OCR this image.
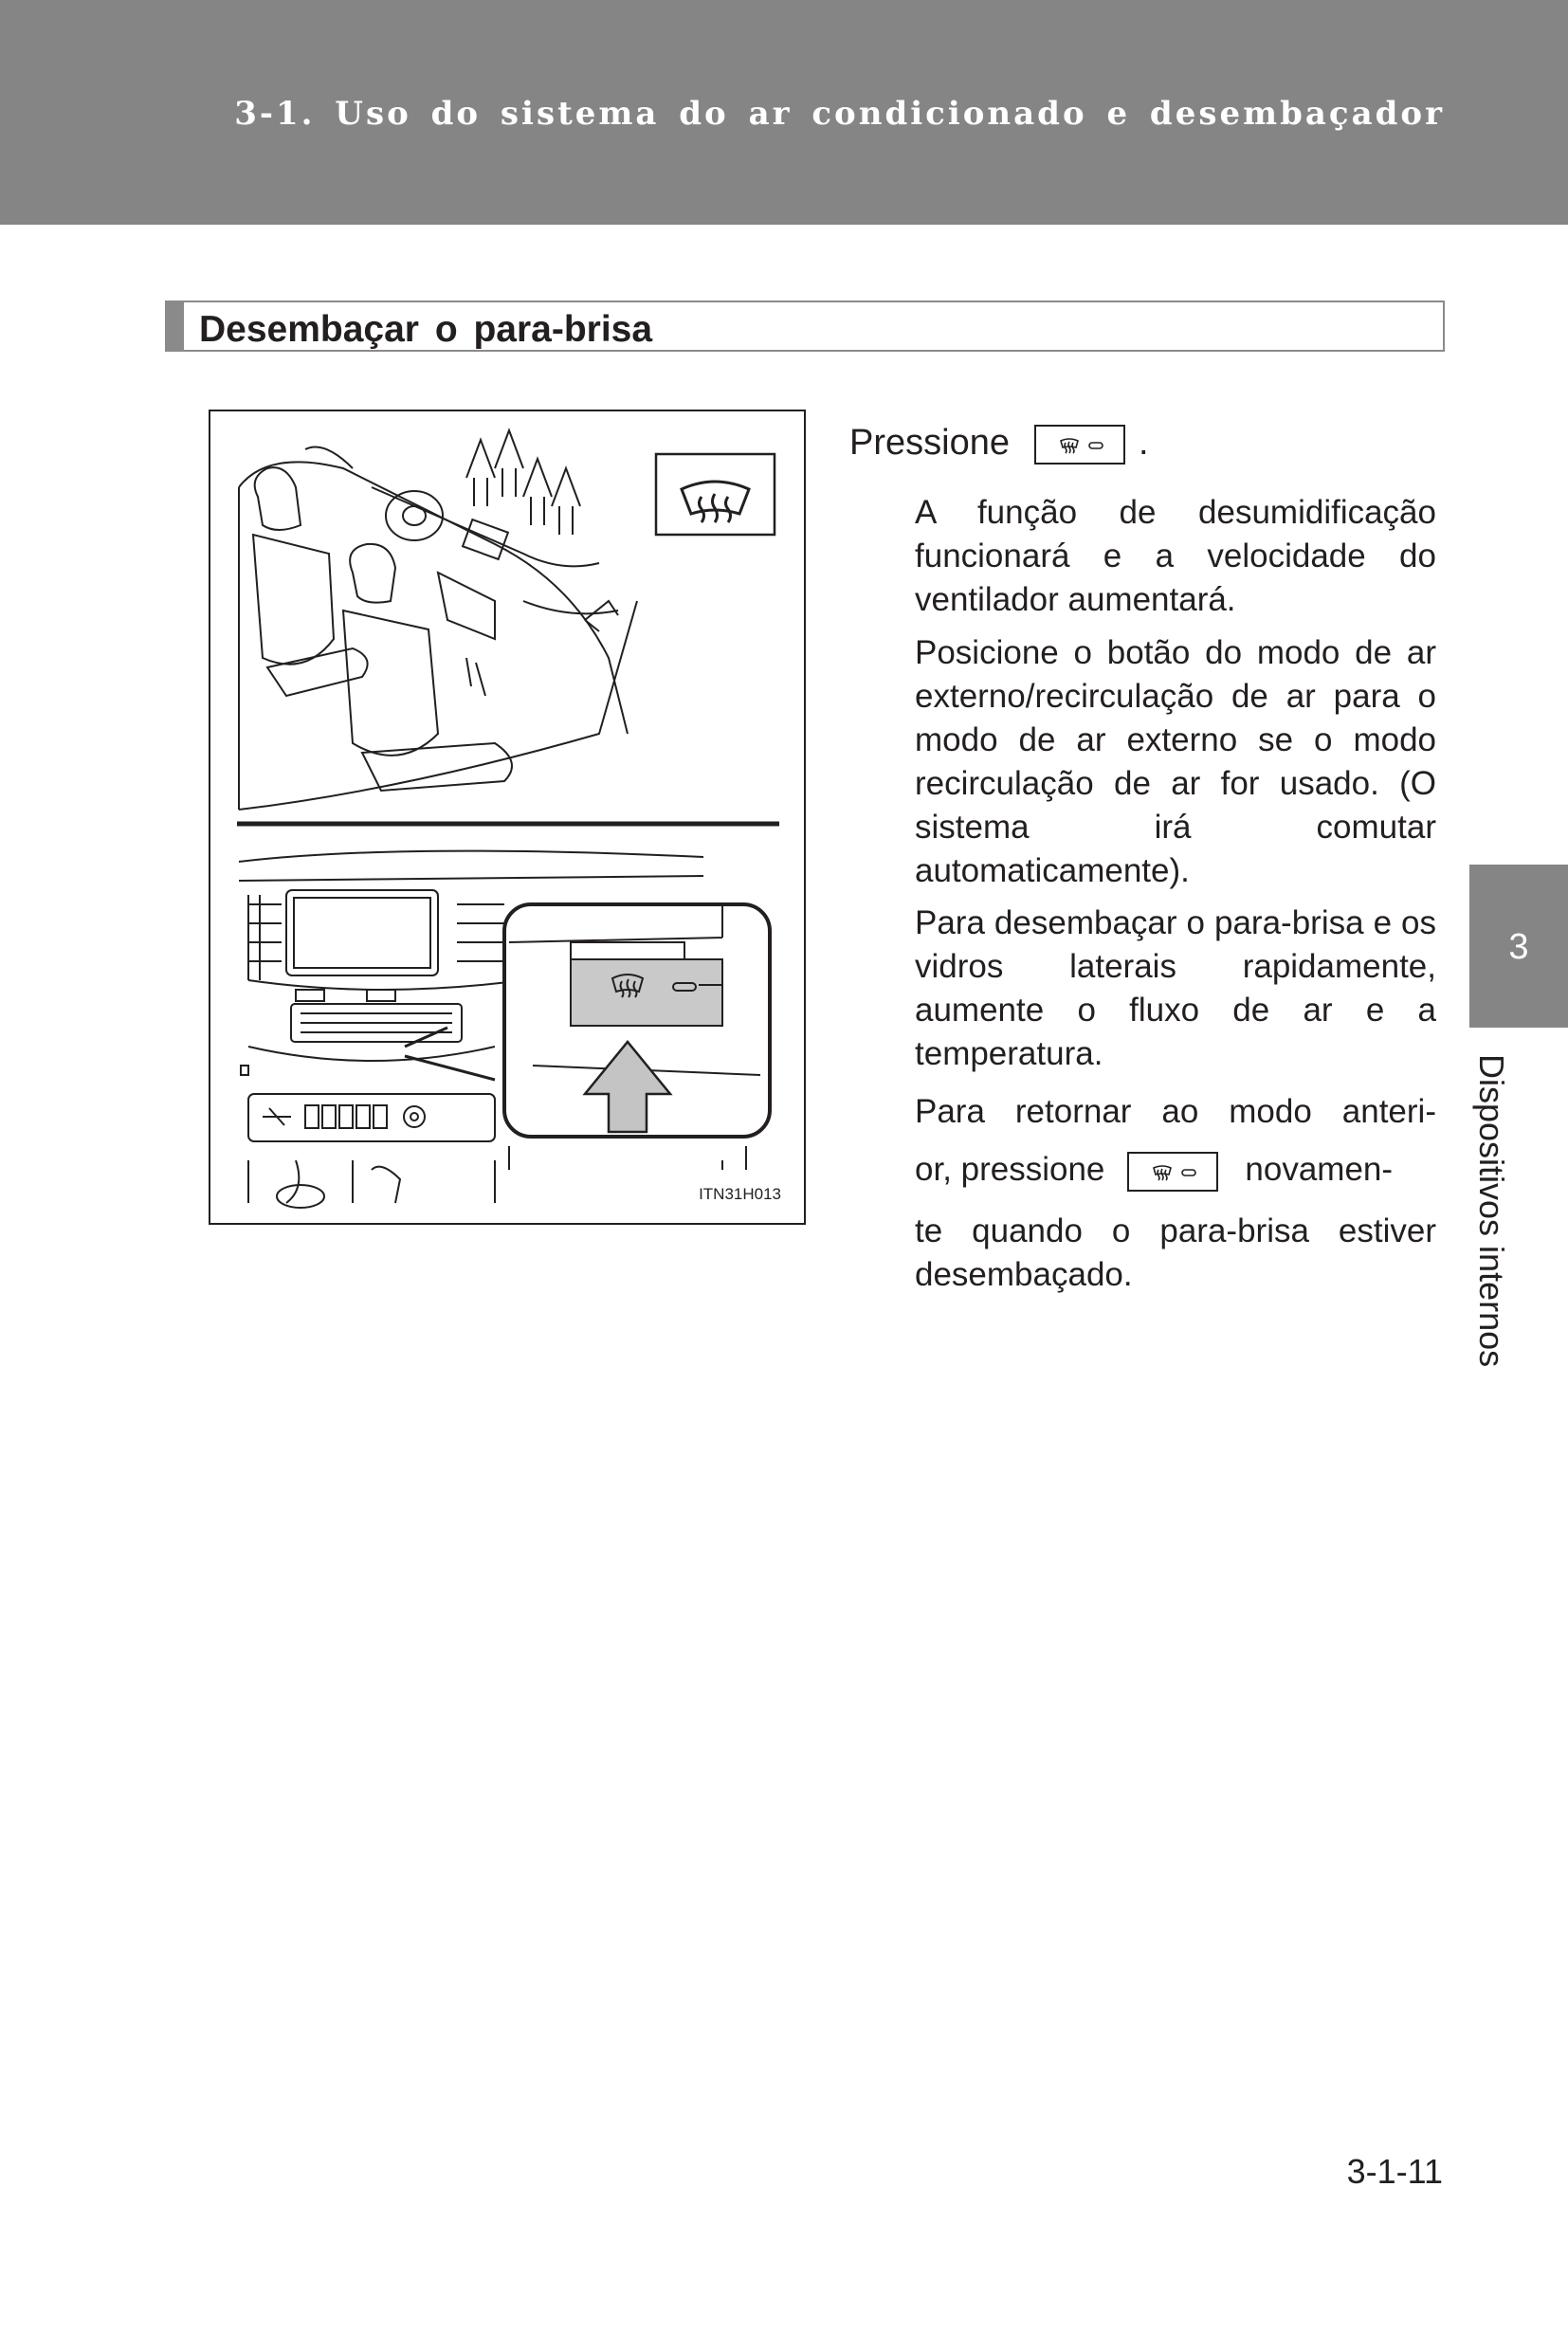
3-1. Uso do sistema do ar condicionado e desembaçador
Desembaçar o para-brisa
ITN31H013
Pressione	.
A função de desumidificação funcionará e a velocidade do ventilador aumentará.
Posicione o botão do modo de ar externo/recirculação de ar para o modo de ar externo se o modo recirculação de ar for usado. (O sistema irá comutar automaticamente).
Para desembaçar o para-brisa e os vidros laterais rapidamente, aumente o fluxo de ar e a temperatura.
Para retornar ao modo anteri-
or, pressione	novamen-
te quando o para-brisa estiver desembaçado.
3
Dispositivos internos
3-1-11
